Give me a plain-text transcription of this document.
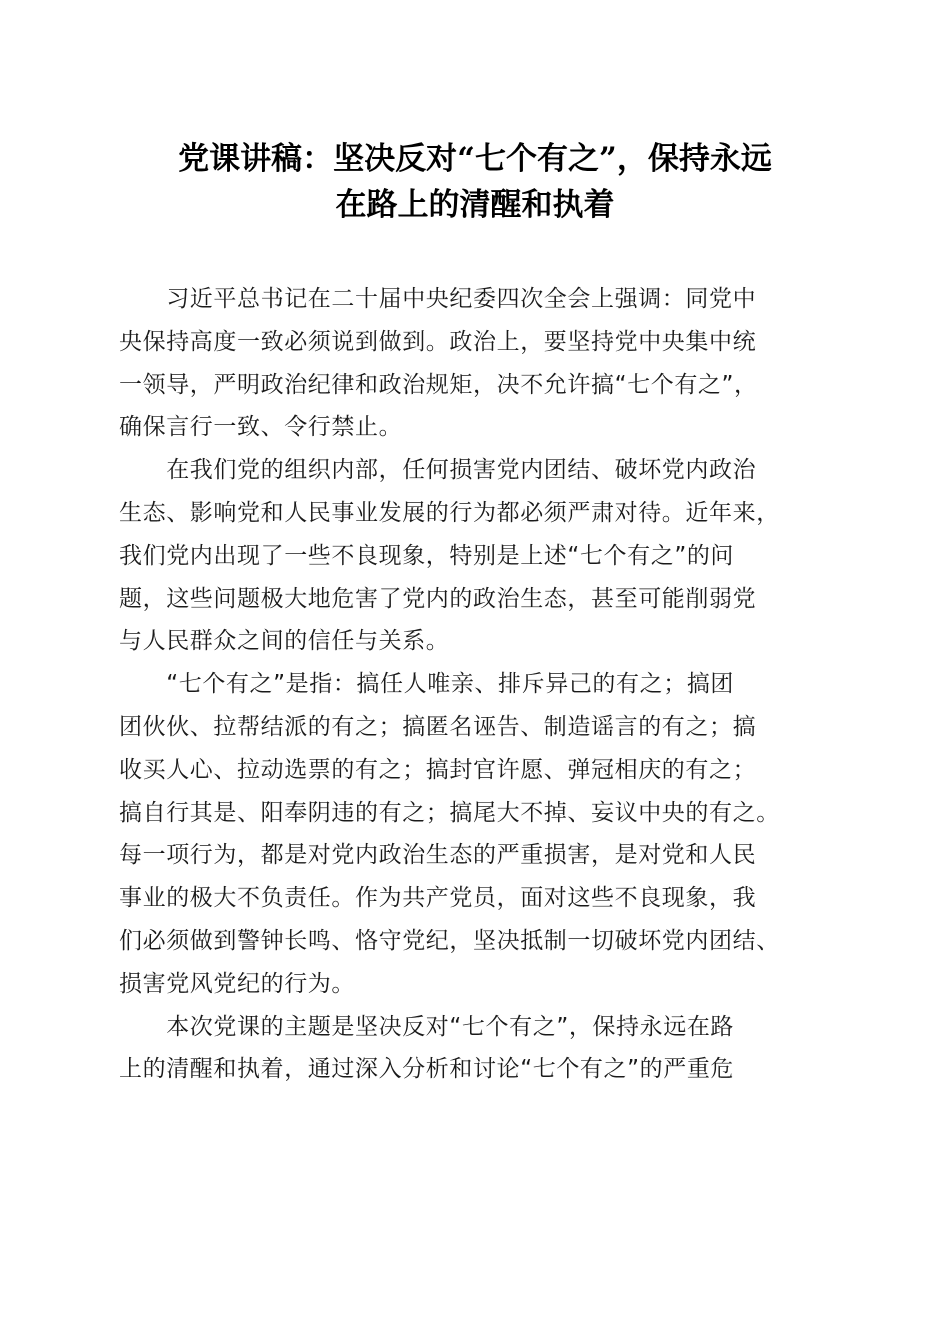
党课讲稿：坚决反对“七个有之”，保持永远
在路上的清醒和执着

　　习近平总书记在二十届中央纪委四次全会上强调：同党中
央保持高度一致必须说到做到。政治上，要坚持党中央集中统
一领导，严明政治纪律和政治规矩，决不允许搞“七个有之”，
确保言行一致、令行禁止。

　　在我们党的组织内部，任何损害党内团结、破坏党内政治
生态、影响党和人民事业发展的行为都必须严肃对待。近年来，
我们党内出现了一些不良现象，特别是上述“七个有之”的问
题，这些问题极大地危害了党内的政治生态，甚至可能削弱党
与人民群众之间的信任与关系。

　　“七个有之”是指：搞任人唯亲、排斥异己的有之；搞团
团伙伙、拉帮结派的有之；搞匿名诬告、制造谣言的有之；搞
收买人心、拉动选票的有之；搞封官许愿、弹冠相庆的有之；
搞自行其是、阳奉阴违的有之；搞尾大不掉、妄议中央的有之。
每一项行为，都是对党内政治生态的严重损害，是对党和人民
事业的极大不负责任。作为共产党员，面对这些不良现象，我
们必须做到警钟长鸣、恪守党纪，坚决抵制一切破坏党内团结、
损害党风党纪的行为。

　　本次党课的主题是坚决反对“七个有之”，保持永远在路
上的清醒和执着，通过深入分析和讨论“七个有之”的严重危
